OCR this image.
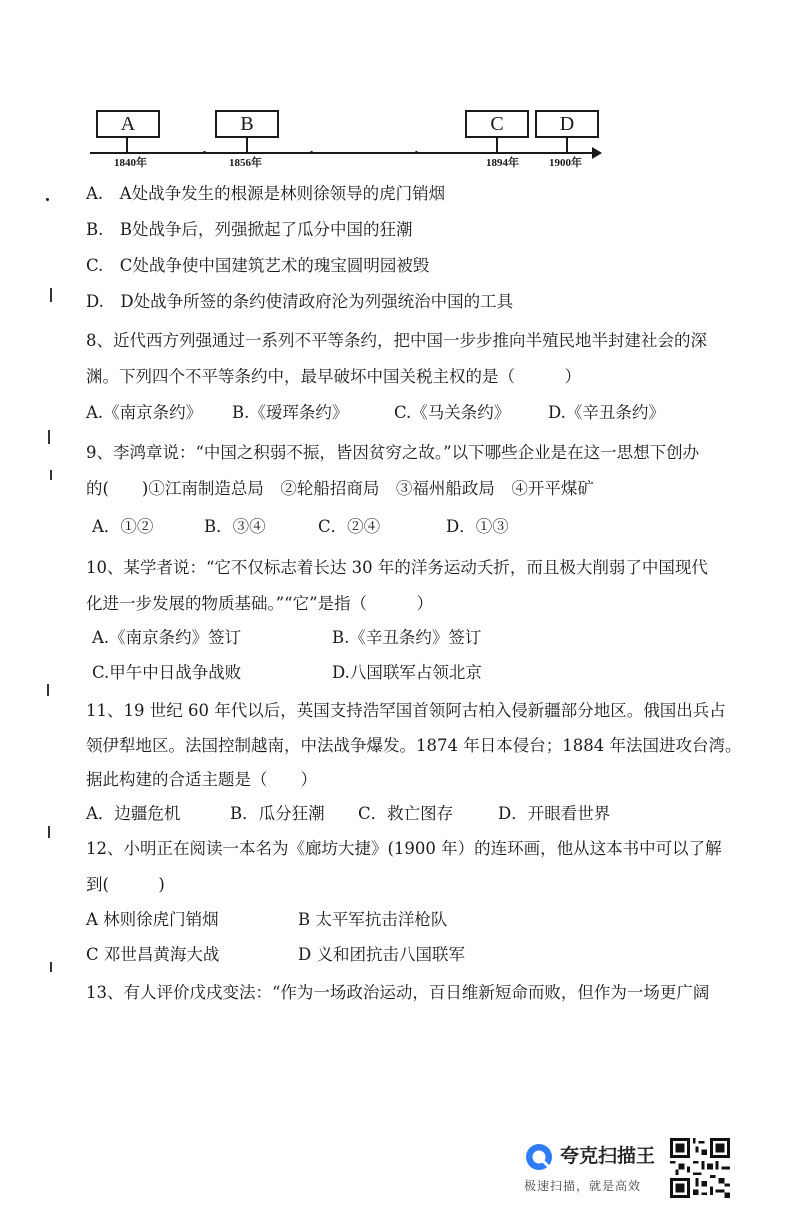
A	B	C	D
1840年	1856年	1894年	1900年
A.　A处战争发生的根源是林则徐领导的虎门销烟
B.　B处战争后，列强掀起了瓜分中国的狂潮
C.　C处战争使中国建筑艺术的瑰宝圆明园被毁
D.　D处战争所签的条约使清政府沦为列强统治中国的工具
8、近代西方列强通过一系列不平等条约，把中国一步步推向半殖民地半封建社会的深
渊。下列四个不平等条约中，最早破坏中国关税主权的是（　　　）
A.《南京条约》 B.《瑷珲条约》	C.《马关条约》 D.《辛丑条约》
9、李鸿章说：“中国之积弱不振，皆因贫穷之故。”以下哪些企业是在这一思想下创办
的(　　)①江南制造总局　②轮船招商局　③福州船政局　④开平煤矿
A．①②	B．③④	C．②④	D．①③
10、某学者说：“它不仅标志着长达 30 年的洋务运动夭折，而且极大削弱了中国现代
化进一步发展的物质基础。”“它”是指（　　　）
A.《南京条约》签订	B.《辛丑条约》签订
C.甲午中日战争战败	D.八国联军占领北京
11、19 世纪 60 年代以后，英国支持浩罕国首领阿古柏入侵新疆部分地区。俄国出兵占
领伊犁地区。法国控制越南，中法战争爆发。1874 年日本侵台；1884 年法国进攻台湾。
据此构建的合适主题是（　　）
A．边疆危机	B．瓜分狂潮 C．救亡图存	D．开眼看世界
12、小明正在阅读一本名为《廊坊大捷》(1900 年）的连环画，他从这本书中可以了解
到(　　　)
A 林则徐虎门销烟	B 太平军抗击洋枪队
C 邓世昌黄海大战	D 义和团抗击八国联军
13、有人评价戊戌变法：“作为一场政治运动，百日维新短命而败，但作为一场更广阔
夸克扫描王
极速扫描，就是高效
